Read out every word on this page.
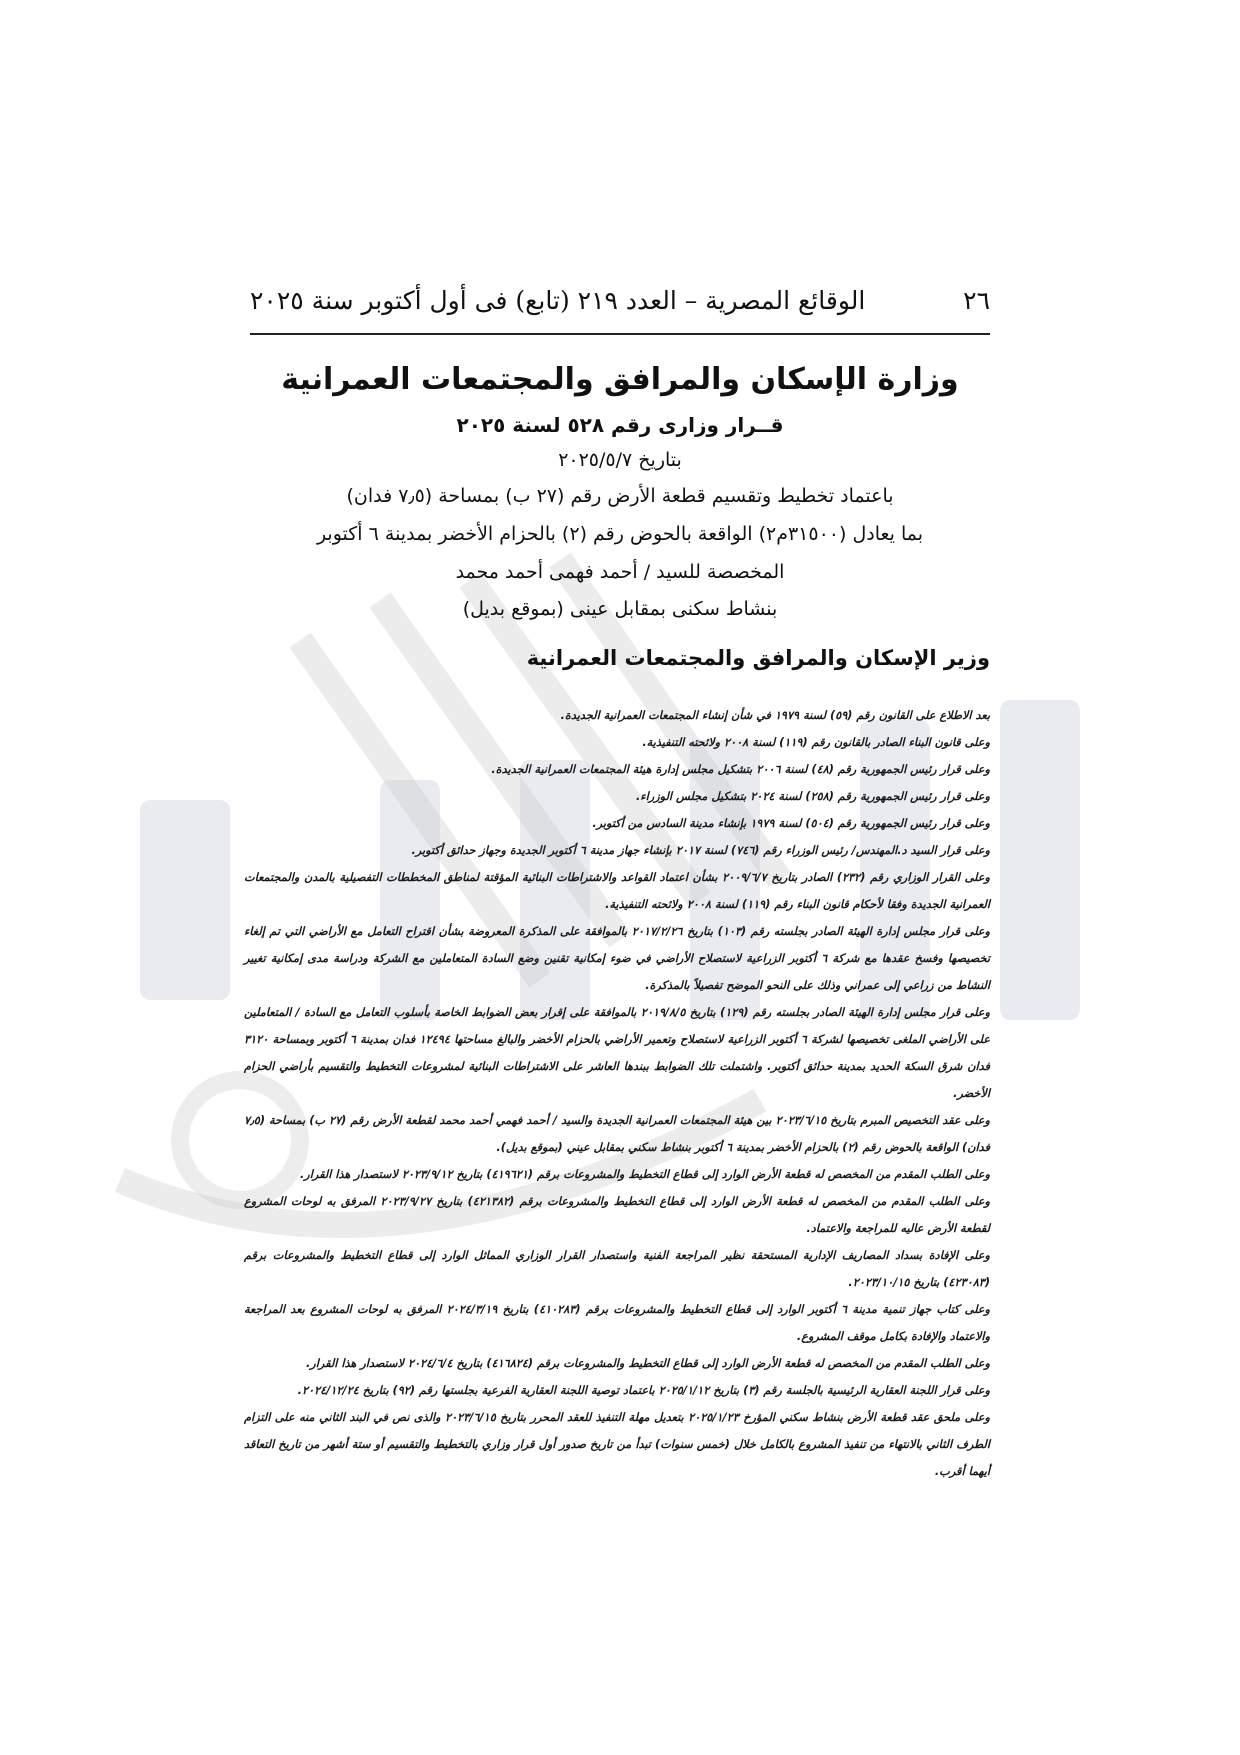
٢٦
الوقائع المصرية – العدد ٢١٩ (تابع) فى أول أكتوبر سنة ٢٠٢٥
وزارة الإسكان والمرافق والمجتمعات العمرانية
قــرار وزارى رقم ٥٢٨ لسنة ٢٠٢٥
بتاريخ ٢٠٢٥/٥/٧
باعتماد تخطيط وتقسيم قطعة الأرض رقم (٢٧ ب) بمساحة (٧٫٥ فدان)
بما يعادل (٣١٥٠٠م٢) الواقعة بالحوض رقم (٢) بالحزام الأخضر بمدينة ٦ أكتوبر
المخصصة للسيد / أحمد فهمى أحمد محمد
بنشاط سكنى بمقابل عينى (بموقع بديل)
وزير الإسكان والمرافق والمجتمعات العمرانية

بعد الاطلاع على القانون رقم (٥٩) لسنة ١٩٧٩ في شأن إنشاء المجتمعات العمرانية الجديدة.

وعلى قانون البناء الصادر بالقانون رقم (١١٩) لسنة ٢٠٠٨ ولائحته التنفيذية.

وعلى قرار رئيس الجمهورية رقم (٤٨) لسنة ٢٠٠٦ بتشكيل مجلس إدارة هيئة المجتمعات العمرانية الجديدة.

وعلى قرار رئيس الجمهورية رقم (٢٥٨) لسنة ٢٠٢٤ بتشكيل مجلس الوزراء.

وعلى قرار رئيس الجمهورية رقم (٥٠٤) لسنة ١٩٧٩ بإنشاء مدينة السادس من أكتوبر.

وعلى قرار السيد د.المهندس/ رئيس الوزراء رقم (٧٤٦) لسنة ٢٠١٧ بإنشاء جهاز مدينة ٦ أكتوبر الجديدة وجهاز حدائق أكتوبر.

وعلى القرار الوزاري رقم (٢٣٢) الصادر بتاريخ ٢٠٠٩/٦/٧ بشأن اعتماد القواعد والاشتراطات البنائية المؤقتة لمناطق المخططات التفصيلية بالمدن والمجتمعات العمرانية الجديدة وفقا لأحكام قانون البناء رقم (١١٩) لسنة ٢٠٠٨ ولائحته التنفيذية.

وعلى قرار مجلس إدارة الهيئة الصادر بجلسته رقم (١٠٣) بتاريخ ٢٠١٧/٢/٢٦ بالموافقة على المذكرة المعروضة بشأن اقتراح التعامل مع الأراضي التي تم إلغاء تخصيصها وفسخ عقدها مع شركة ٦ أكتوبر الزراعية لاستصلاح الأراضي في ضوء إمكانية تقنين وضع السادة المتعاملين مع الشركة ودراسة مدى إمكانية تغيير النشاط من زراعي إلى عمراني وذلك على النحو الموضح تفصيلاً بالمذكرة.

وعلى قرار مجلس إدارة الهيئة الصادر بجلسته رقم (١٢٩) بتاريخ ٢٠١٩/٨/٥ بالموافقة على إقرار بعض الضوابط الخاصة بأسلوب التعامل مع السادة / المتعاملين على الأراضي الملغى تخصيصها لشركة ٦ أكتوبر الزراعية لاستصلاح وتعمير الأراضي بالحزام الأخضر والبالغ مساحتها ١٢٤٩٤ فدان بمدينة ٦ أكتوبر وبمساحة ٣١٢٠ فدان شرق السكة الحديد بمدينة حدائق أكتوبر. واشتملت تلك الضوابط ببندها العاشر على الاشتراطات البنائية لمشروعات التخطيط والتقسيم بأراضي الحزام الأخضر.

وعلى عقد التخصيص المبرم بتاريخ ٢٠٢٣/٦/١٥ بين هيئة المجتمعات العمرانية الجديدة والسيد / أحمد فهمي أحمد محمد لقطعة الأرض رقم (٢٧ ب) بمساحة (٧٫٥ فدان) الواقعة بالحوض رقم (٢) بالحزام الأخضر بمدينة ٦ أكتوبر بنشاط سكني بمقابل عيني (بموقع بديل).

وعلى الطلب المقدم من المخصص له قطعة الأرض الوارد إلى قطاع التخطيط والمشروعات برقم (٤١٩٦٢١) بتاريخ ٢٠٢٣/٩/١٢ لاستصدار هذا القرار.

وعلى الطلب المقدم من المخصص له قطعة الأرض الوارد إلى قطاع التخطيط والمشروعات برقم (٤٢١٣٨٢) بتاريخ ٢٠٢٣/٩/٢٧ المرفق به لوحات المشروع لقطعة الأرض عاليه للمراجعة والاعتماد.

وعلى الإفادة بسداد المصاريف الإدارية المستحقة نظير المراجعة الفنية واستصدار القرار الوزاري المماثل الوارد إلى قطاع التخطيط والمشروعات برقم (٤٢٣٠٨٣) بتاريخ ٢٠٢٣/١٠/١٥.

وعلى كتاب جهاز تنمية مدينة ٦ أكتوبر الوارد إلى قطاع التخطيط والمشروعات برقم (٤١٠٢٨٣) بتاريخ ٢٠٢٤/٣/١٩ المرفق به لوحات المشروع بعد المراجعة والاعتماد والإفادة بكامل موقف المشروع.

وعلى الطلب المقدم من المخصص له قطعة الأرض الوارد إلى قطاع التخطيط والمشروعات برقم (٤١٦٨٢٤) بتاريخ ٢٠٢٤/٦/٤ لاستصدار هذا القرار.

وعلى قرار اللجنة العقارية الرئيسية بالجلسة رقم (٣) بتاريخ ٢٠٢٥/١/١٢ باعتماد توصية اللجنة العقارية الفرعية بجلستها رقم (٩٢) بتاريخ ٢٠٢٤/١٢/٢٤.

وعلى ملحق عقد قطعة الأرض بنشاط سكني المؤرخ ٢٠٢٥/١/٢٣ بتعديل مهلة التنفيذ للعقد المحرر بتاريخ ٢٠٢٣/٦/١٥ والذى نص في البند الثاني منه على التزام الطرف الثاني بالانتهاء من تنفيذ المشروع بالكامل خلال (خمس سنوات) تبدأ من تاريخ صدور أول قرار وزاري بالتخطيط والتقسيم أو ستة أشهر من تاريخ التعاقد أيهما أقرب.
